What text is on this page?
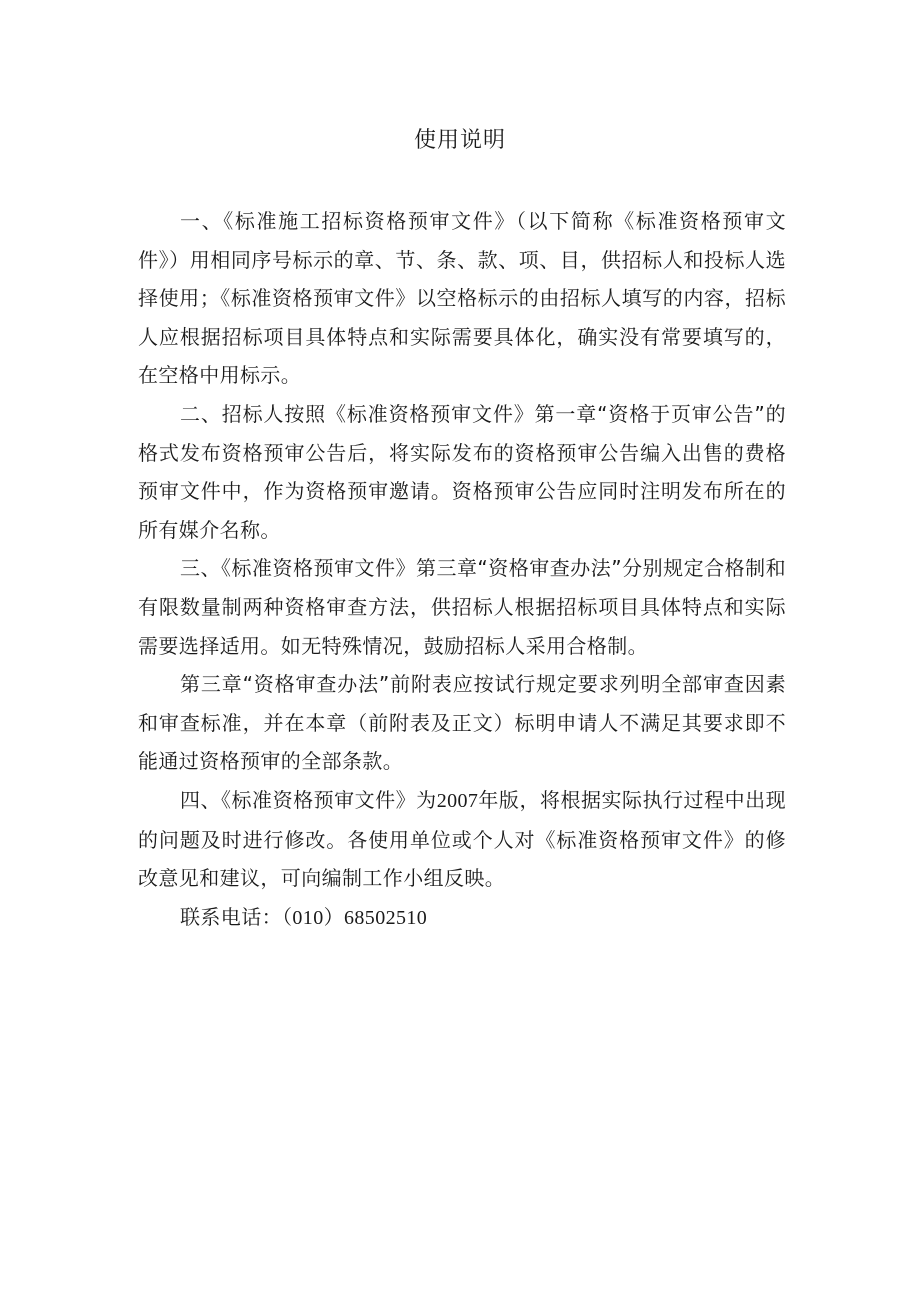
使用说明

一、《标准施工招标资格预审文件》（以下简称《标准资格预审文件》）用相同序号标示的章、节、条、款、项、目，供招标人和投标人选择使用；《标准资格预审文件》以空格标示的由招标人填写的内容，招标人应根据招标项目具体特点和实际需要具体化，确实没有常要填写的，在空格中用标示。

二、招标人按照《标准资格预审文件》第一章“资格于页审公告”的格式发布资格预审公告后，将实际发布的资格预审公告编入出售的费格预审文件中，作为资格预审邀请。资格预审公告应同时注明发布所在的所有媒介名称。

三、《标准资格预审文件》第三章“资格审查办法”分别规定合格制和有限数量制两种资格审查方法，供招标人根据招标项目具体特点和实际需要选择适用。如无特殊情况，鼓励招标人采用合格制。

第三章“资格审查办法”前附表应按试行规定要求列明全部审查因素和审查标准，并在本章（前附表及正文）标明申请人不满足其要求即不能通过资格预审的全部条款。

四、《标准资格预审文件》为2007年版，将根据实际执行过程中出现的问题及时进行修改。各使用单位或个人对《标准资格预审文件》的修改意见和建议，可向编制工作小组反映。

联系电话：（010）68502510
